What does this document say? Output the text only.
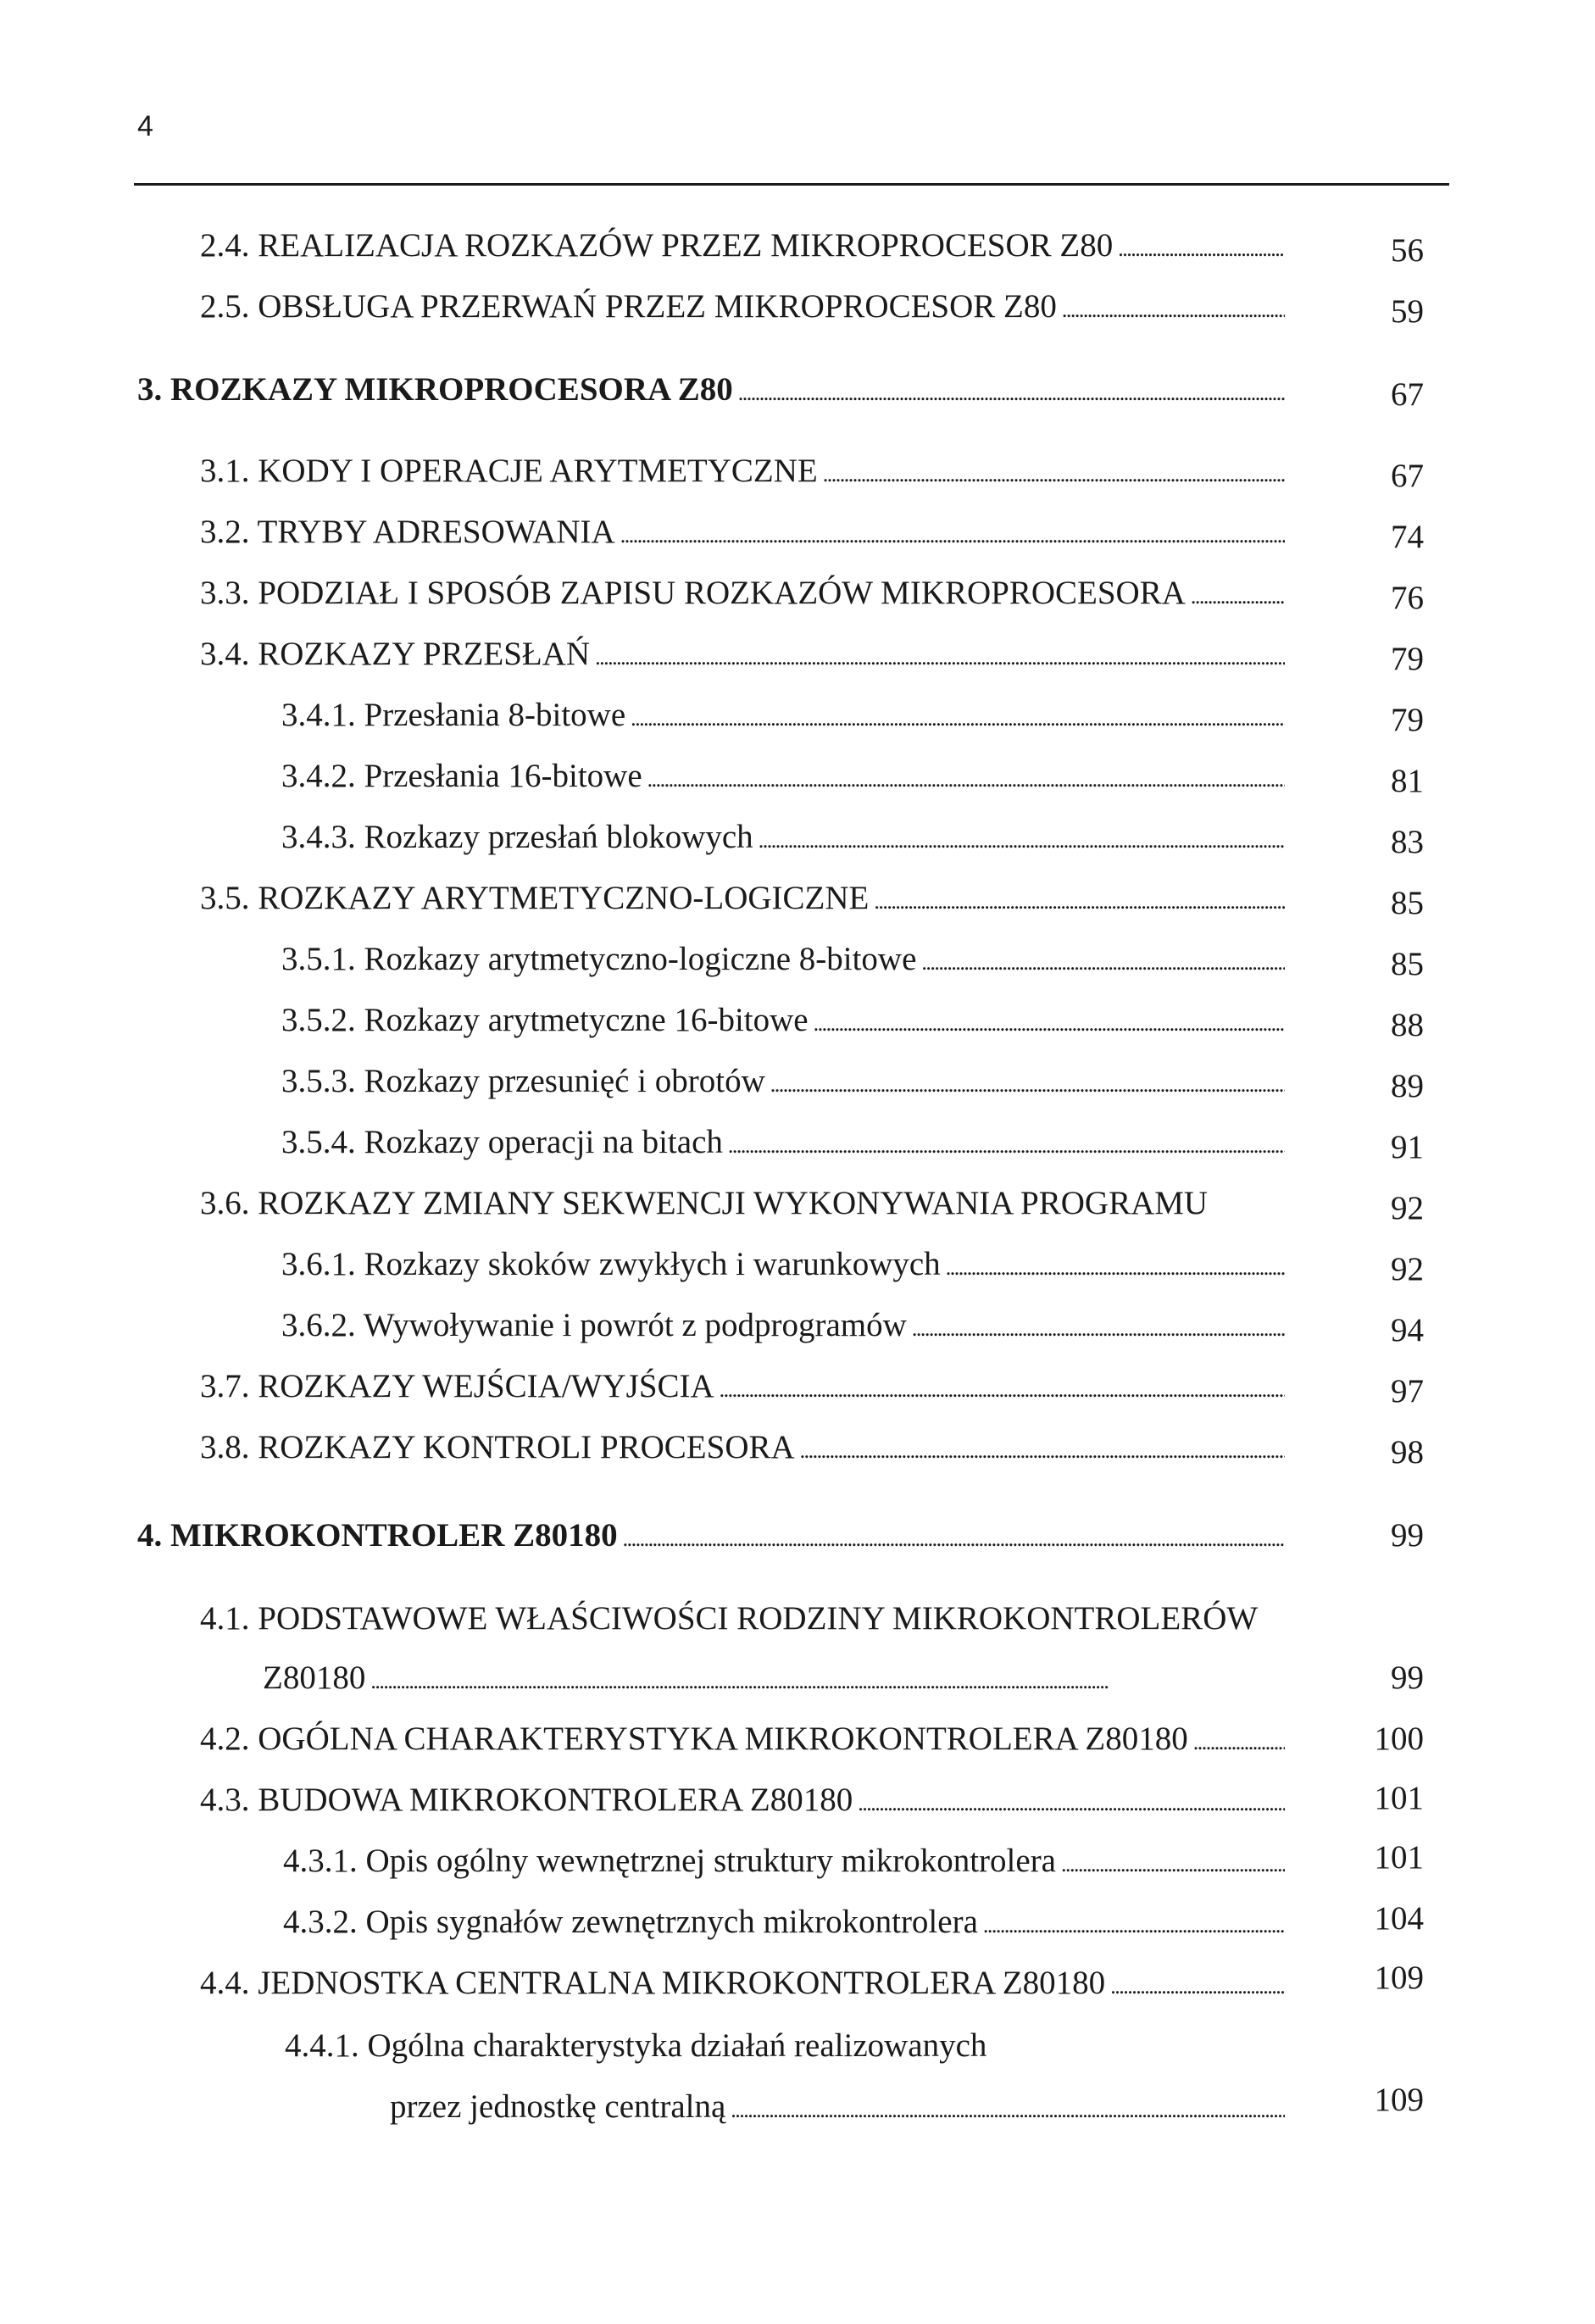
4
2.4. REALIZACJA ROZKAZÓW PRZEZ MIKROPROCESOR Z80 . . .	56
2.5. OBSŁUGA PRZERWAŃ PRZEZ MIKROPROCESOR Z80 . . .	59
3. ROZKAZY MIKROPROCESORA Z80 . . .	67
3.1. KODY I OPERACJE ARYTMETYCZNE . . .	67
3.2. TRYBY ADRESOWANIA . . .	74
3.3. PODZIAŁ I SPOSÓB ZAPISU ROZKAZÓW MIKROPROCESORA . . .	76
3.4. ROZKAZY PRZESŁAŃ . . .	79
3.4.1. Przesłania 8-bitowe . . .	79
3.4.2. Przesłania 16-bitowe . . .	81
3.4.3. Rozkazy przesłań blokowych . . .	83
3.5. ROZKAZY ARYTMETYCZNO-LOGICZNE . . .	85
3.5.1. Rozkazy arytmetyczno-logiczne 8-bitowe . . .	85
3.5.2. Rozkazy arytmetyczne 16-bitowe . . .	88
3.5.3. Rozkazy przesunięć i obrotów . . .	89
3.5.4. Rozkazy operacji na bitach . . .	91
3.6. ROZKAZY ZMIANY SEKWENCJI WYKONYWANIA PROGRAMU	92
3.6.1. Rozkazy skoków zwykłych i warunkowych . . .	92
3.6.2. Wywoływanie i powrót z podprogramów . . .	94
3.7. ROZKAZY WEJŚCIA/WYJŚCIA . . .	97
3.8. ROZKAZY KONTROLI PROCESORA . . .	98
4. MIKROKONTROLER Z80180 . . .	99
4.1. PODSTAWOWE WŁAŚCIWOŚCI RODZINY MIKROKONTROLERÓW
Z80180 . . .	99
4.2. OGÓLNA CHARAKTERYSTYKA MIKROKONTROLERA Z80180 . . .	100
4.3. BUDOWA MIKROKONTROLERA Z80180 . . .	101
4.3.1. Opis ogólny wewnętrznej struktury mikrokontrolera . . .	101
4.3.2. Opis sygnałów zewnętrznych mikrokontrolera . . .	104
4.4. JEDNOSTKA CENTRALNA MIKROKONTROLERA Z80180 . . .	109
4.4.1. Ogólna charakterystyka działań realizowanych
przez jednostkę centralną . . .	109
